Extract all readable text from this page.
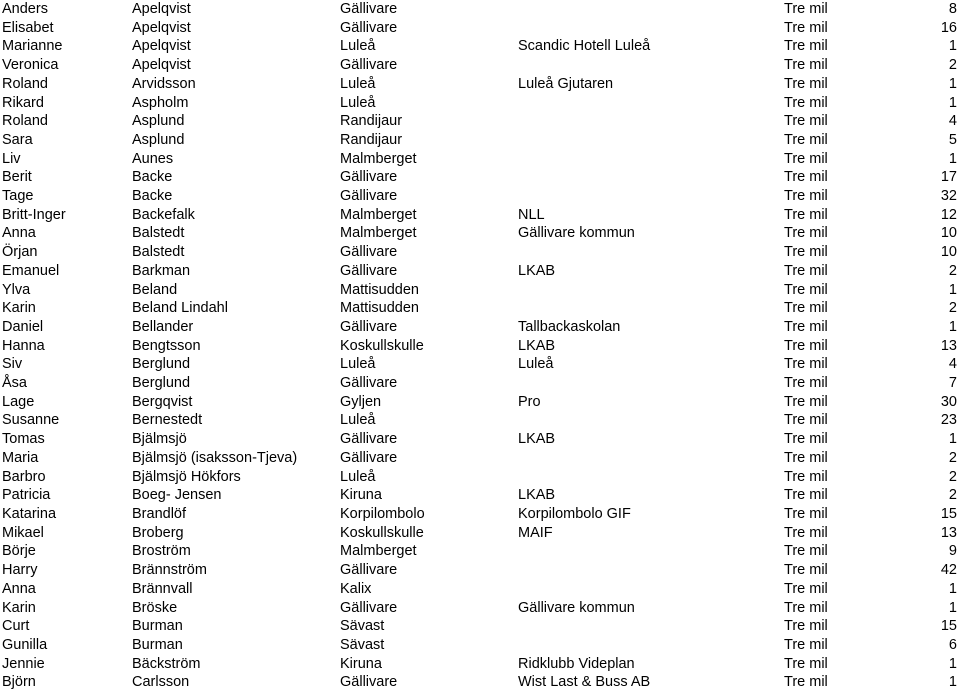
Anders	Apelqvist	Gällivare		Tre mil	8
Elisabet	Apelqvist	Gällivare		Tre mil	16
Marianne	Apelqvist	Luleå	Scandic Hotell Luleå	Tre mil	1
Veronica	Apelqvist	Gällivare		Tre mil	2
Roland	Arvidsson	Luleå	Luleå Gjutaren	Tre mil	1
Rikard	Aspholm	Luleå		Tre mil	1
Roland	Asplund	Randijaur		Tre mil	4
Sara	Asplund	Randijaur		Tre mil	5
Liv	Aunes	Malmberget		Tre mil	1
Berit	Backe	Gällivare		Tre mil	17
Tage	Backe	Gällivare		Tre mil	32
Britt-Inger	Backefalk	Malmberget	NLL	Tre mil	12
Anna	Balstedt	Malmberget	Gällivare kommun	Tre mil	10
Örjan	Balstedt	Gällivare		Tre mil	10
Emanuel	Barkman	Gällivare	LKAB	Tre mil	2
Ylva	Beland	Mattisudden		Tre mil	1
Karin	Beland Lindahl	Mattisudden		Tre mil	2
Daniel	Bellander	Gällivare	Tallbackaskolan	Tre mil	1
Hanna	Bengtsson	Koskullskulle	LKAB	Tre mil	13
Siv	Berglund	Luleå	Luleå	Tre mil	4
Åsa	Berglund	Gällivare		Tre mil	7
Lage	Bergqvist	Gyljen	Pro	Tre mil	30
Susanne	Bernestedt	Luleå		Tre mil	23
Tomas	Bjälmsjö	Gällivare	LKAB	Tre mil	1
Maria	Bjälmsjö (isaksson-Tjeva)	Gällivare		Tre mil	2
Barbro	Bjälmsjö Hökfors	Luleå		Tre mil	2
Patricia	Boeg- Jensen	Kiruna	LKAB	Tre mil	2
Katarina	Brandlöf	Korpilombolo	Korpilombolo GIF	Tre mil	15
Mikael	Broberg	Koskullskulle	MAIF	Tre mil	13
Börje	Broström	Malmberget		Tre mil	9
Harry	Brännström	Gällivare		Tre mil	42
Anna	Brännvall	Kalix		Tre mil	1
Karin	Bröske	Gällivare	Gällivare kommun	Tre mil	1
Curt	Burman	Sävast		Tre mil	15
Gunilla	Burman	Sävast		Tre mil	6
Jennie	Bäckström	Kiruna	Ridklubb Videplan	Tre mil	1
Björn	Carlsson	Gällivare	Wist Last & Buss AB	Tre mil	1
